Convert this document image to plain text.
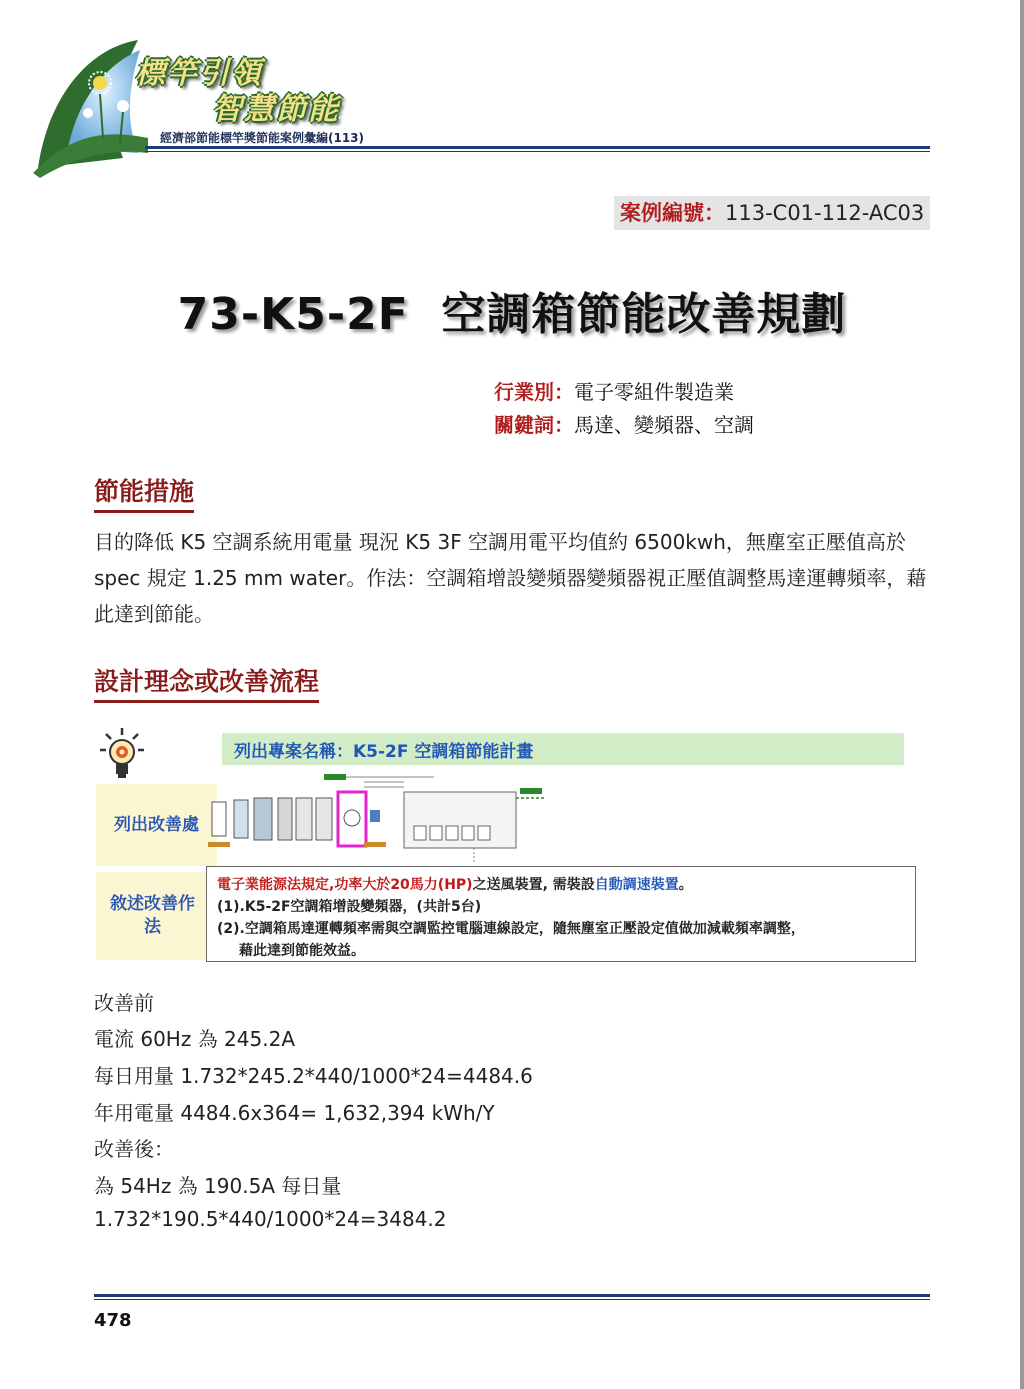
標竿引領
智慧節能
經濟部節能標竿獎節能案例彙編(113)
案例編號：113-C01-112-AC03
73-K5-2F  空調箱節能改善規劃
行業別：電子零組件製造業
關鍵詞：馬達、變頻器、空調
節能措施
目的降低 K5 空調系統用電量 現況 K5 3F 空調用電平均值約 6500kwh，無塵室正壓值高於 spec 規定 1.25 mm water。作法：空調箱增設變頻器變頻器視正壓值調整馬達運轉頻率，藉此達到節能。
設計理念或改善流程
列出改善處
敘述改善作法
列出專案名稱：K5-2F 空調箱節能計畫
電子業能源法規定,功率大於20馬力(HP)之送風裝置, 需裝設自動調速裝置。
(1).K5-2F空調箱增設變頻器，(共計5台)
(2).空調箱馬達運轉頻率需與空調監控電腦連線設定，隨無塵室正壓設定值做加減載頻率調整，
藉此達到節能效益。
改善前
電流 60Hz 為 245.2A
每日用量 1.732*245.2*440/1000*24=4484.6
年用電量 4484.6x364= 1,632,394 kWh/Y
改善後：
為 54Hz 為 190.5A 每日量
1.732*190.5*440/1000*24=3484.2
478
